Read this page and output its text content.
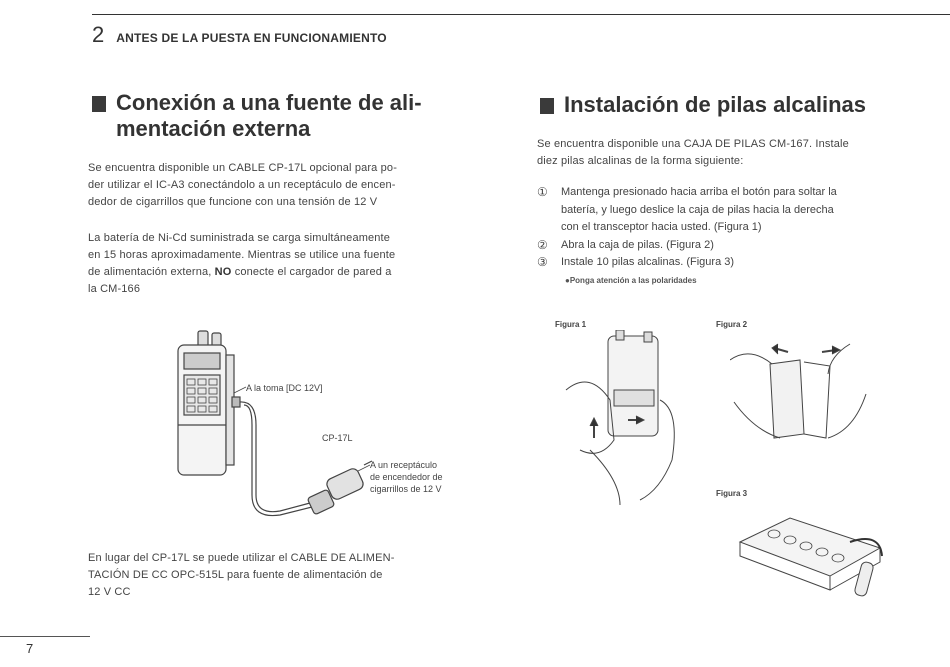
2 ANTES DE LA PUESTA EN FUNCIONAMIENTO
Conexión a una fuente de ali-
mentación externa
Se encuentra disponible un CABLE CP-17L opcional para po-
der utilizar el IC-A3 conectándolo a un receptáculo de encen-
dedor de cigarrillos que funcione con una tensión de 12 V
La batería de Ni-Cd suministrada se carga simultáneamente
en 15 horas aproximadamente. Mientras se utilice una fuente
de alimentación externa, NO conecte el cargador de pared a
la CM-166
A la toma [DC 12V]
CP-17L
A un receptáculo
de encendedor de
cigarrillos de 12 V
En lugar del CP-17L se puede utilizar el CABLE DE ALIMEN-
TACIÓN DE CC OPC-515L para fuente de alimentación de
12 V CC
Instalación de pilas alcalinas
Se encuentra disponible una CAJA DE PILAS CM-167. Instale
diez pilas alcalinas de la forma siguiente:
①	Mantenga presionado hacia arriba el botón para soltar la
batería, y luego deslice la caja de pilas hacia la derecha
con el transceptor hacia usted. (Figura 1)
②	Abra la caja de pilas. (Figura 2)
③	Instale 10 pilas alcalinas. (Figura 3)
●Ponga atención a las polaridades
Figura 1	Figura 2
Figura 3
7
